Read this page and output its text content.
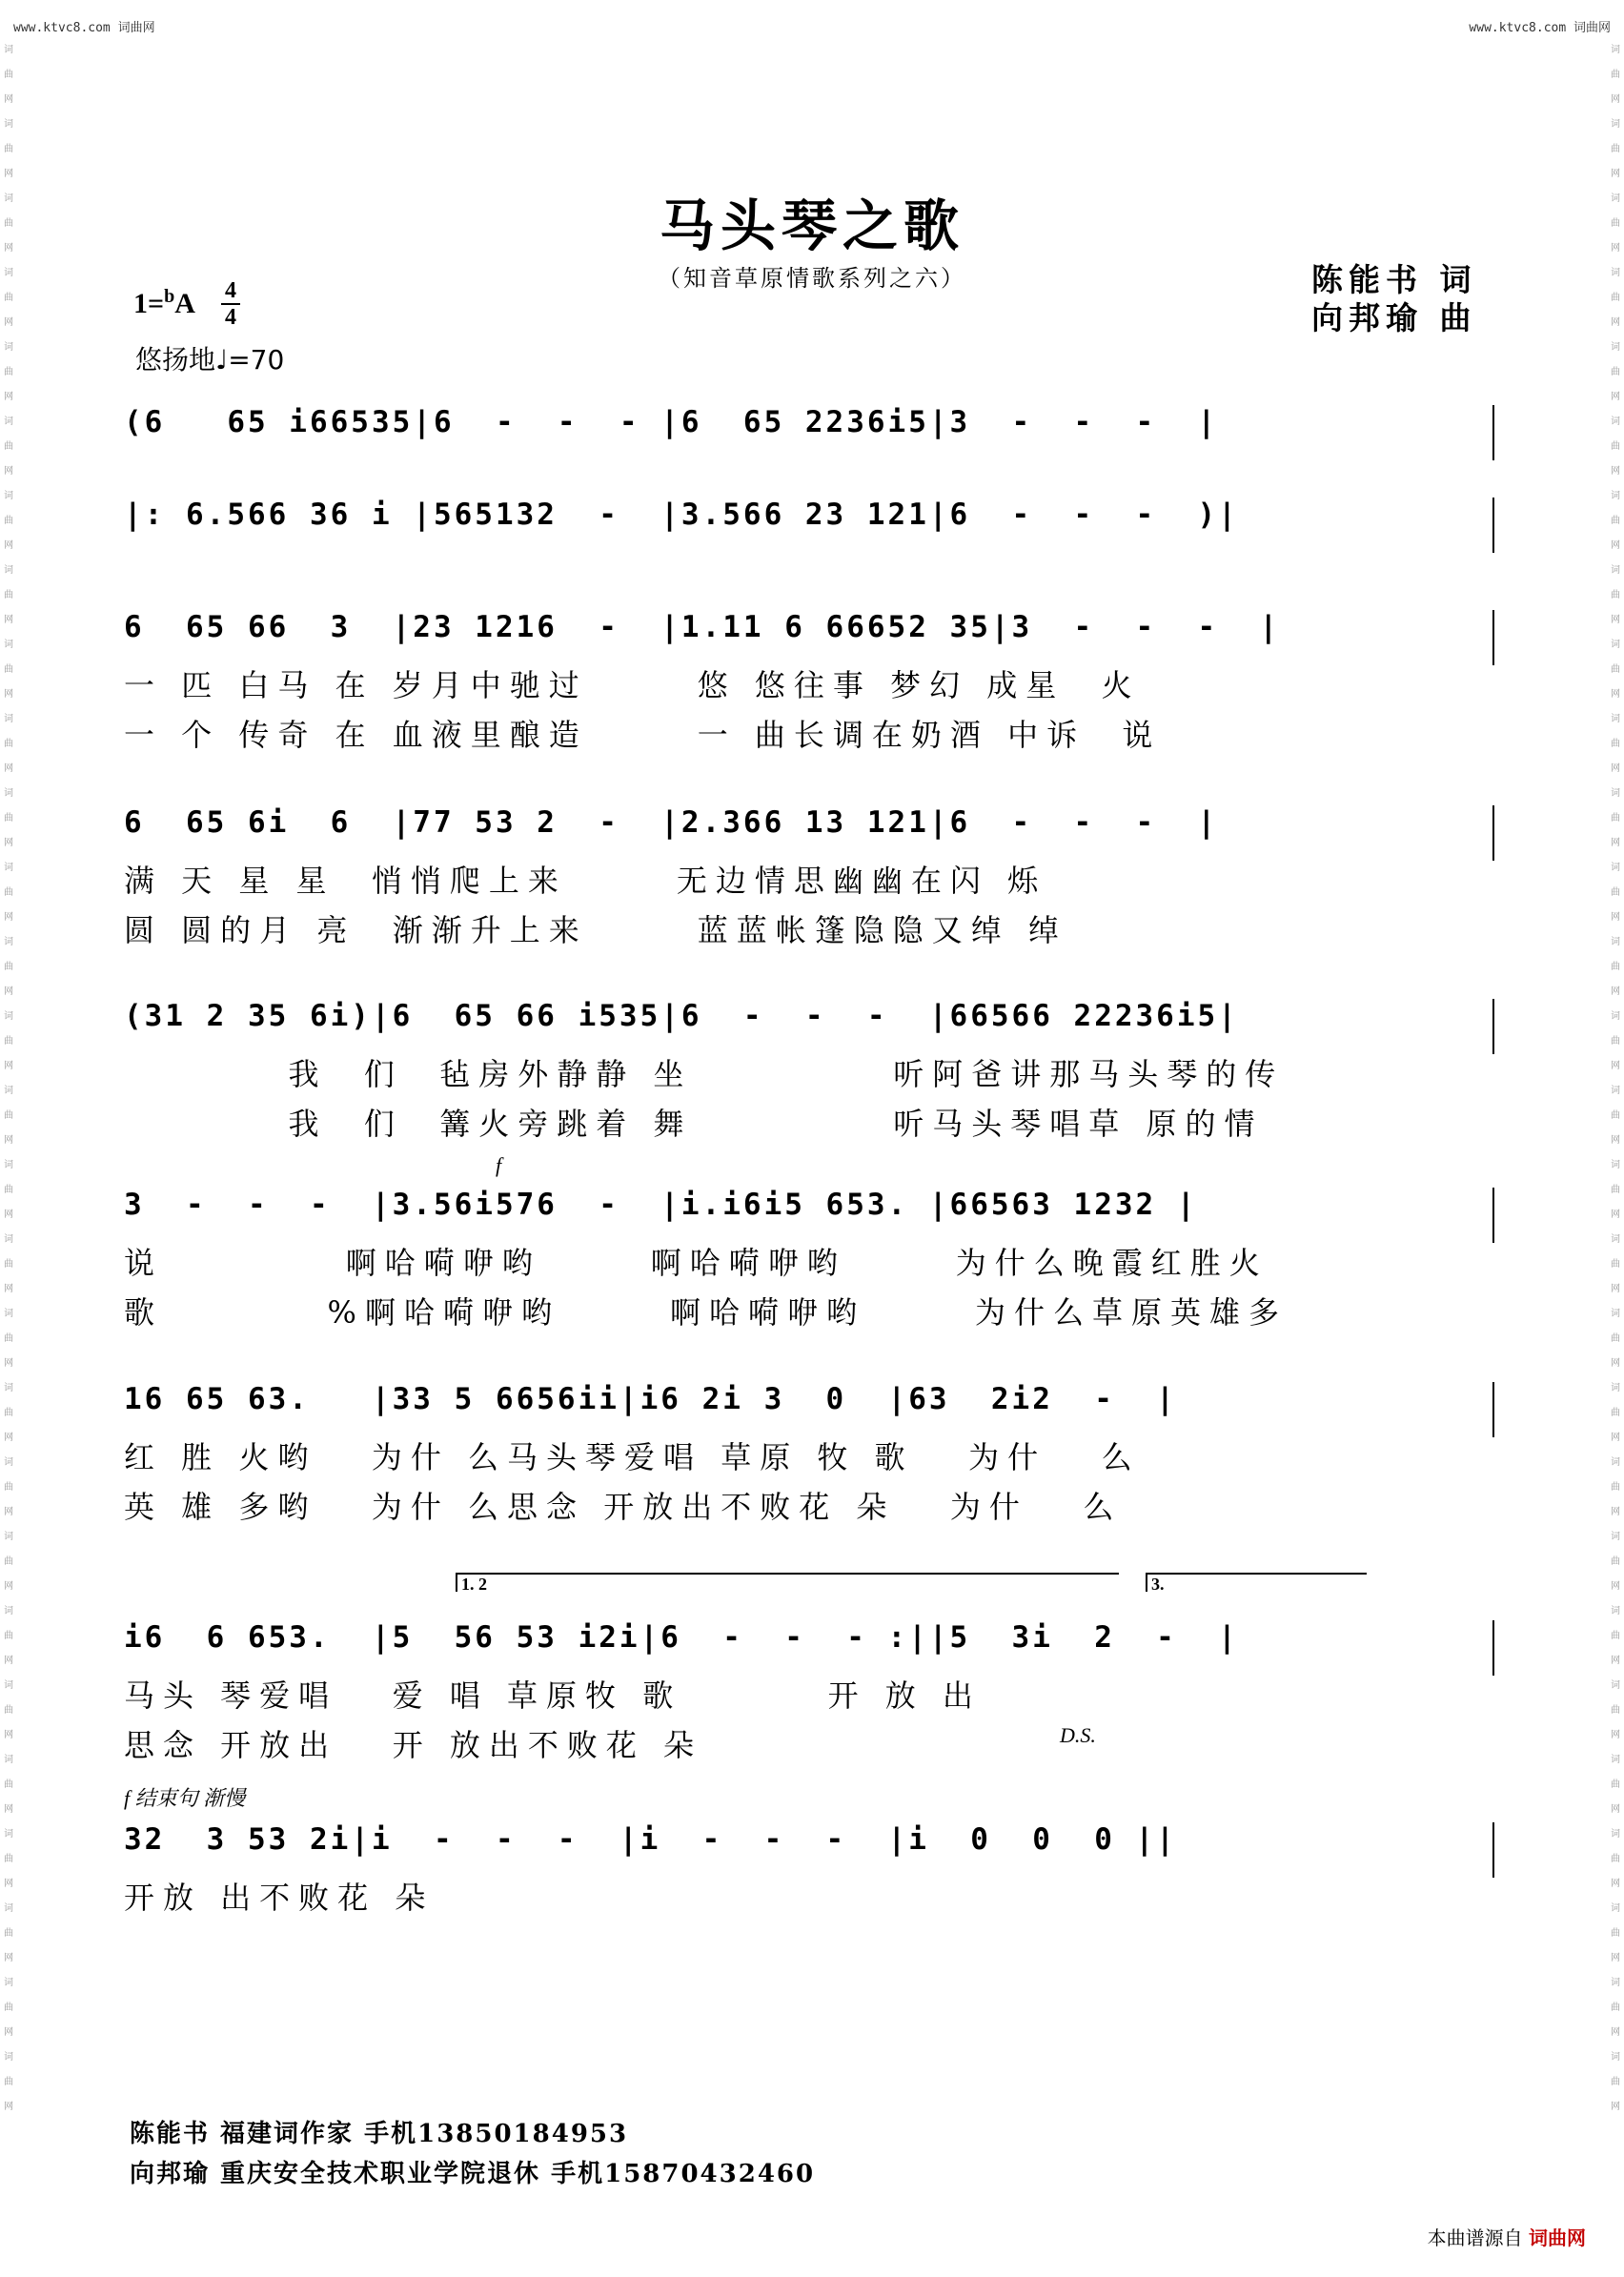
www.ktvc8.com 词曲网	www.ktvc8.com 词曲网
词曲网词曲网词曲网词曲网词曲网词曲网词曲网词曲网词曲网词曲网词曲网词曲网词曲网词曲网词曲网词曲网词曲网词曲网词曲网词曲网词曲网词曲网词曲网词曲网词曲网词曲网词曲网词曲网
词曲网词曲网词曲网词曲网词曲网词曲网词曲网词曲网词曲网词曲网词曲网词曲网词曲网词曲网词曲网词曲网词曲网词曲网词曲网词曲网词曲网词曲网词曲网词曲网词曲网词曲网词曲网词曲网
马头琴之歌
（知音草原情歌系列之六）	陈能书 词
向邦瑜 曲
1=$^b$A 4
4
悠扬地♩=70
(6   65 i66535|6  -  -  - |6  65 2236i5|3  -  -  -  |
|: 6.566 36 i |565132  -  |3.566 23 121|6  -  -  -  )|
6  65 66  3  |23 1216  -  |1.11 6 66652 35|3  -  -  -  |
一 匹 白马 在 岁月中驰过      悠 悠往事 梦幻 成星  火
一 个 传奇 在 血液里酿造      一 曲长调在奶酒 中诉  说
6  65 6i  6  |77 53 2  -  |2.366 13 121|6  -  -  -  |
满 天 星 星  悄悄爬上来      无边情思幽幽在闪 烁
圆 圆的月 亮  渐渐升上来      蓝蓝帐篷隐隐又绰 绰
(31 2 35 6i)|6  65 66 i535|6  -  -  -  |66566 22236i5|
我  们  毡房外静静 坐           听阿爸讲那马头琴的传
我  们  篝火旁跳着 舞           听马头琴唱草 原的情
3  -  -  -  |3.56i576  -  |i.i6i5 653. |66563 1232 |
说          啊哈嗬咿哟      啊哈嗬咿哟      为什么晚霞红胜火
歌         %啊哈嗬咿哟      啊哈嗬咿哟      为什么草原英雄多
16 65 63.   |33 5 6656ii|i6 2i 3  0  |63  2i2  -  |
红 胜 火哟   为什 么马头琴爱唱 草原 牧 歌   为什   么
英 雄 多哟   为什 么思念 开放出不败花 朵   为什   么
i6  6 653.  |5  56 53 i2i|6  -  -  - :||5  3i  2  -  |
马头 琴爱唱   爱 唱 草原牧 歌        开 放 出
思念 开放出   开 放出不败花 朵
32  3 53 2i|i  -  -  -  |i  -  -  -  |i  0  0  0 ||
开放 出不败花 朵
1. 2	3.
f
D.S.
f 结束句 渐慢
陈能书 福建词作家 手机13850184953
向邦瑜 重庆安全技术职业学院退休 手机15870432460
本曲谱源自 词曲网
